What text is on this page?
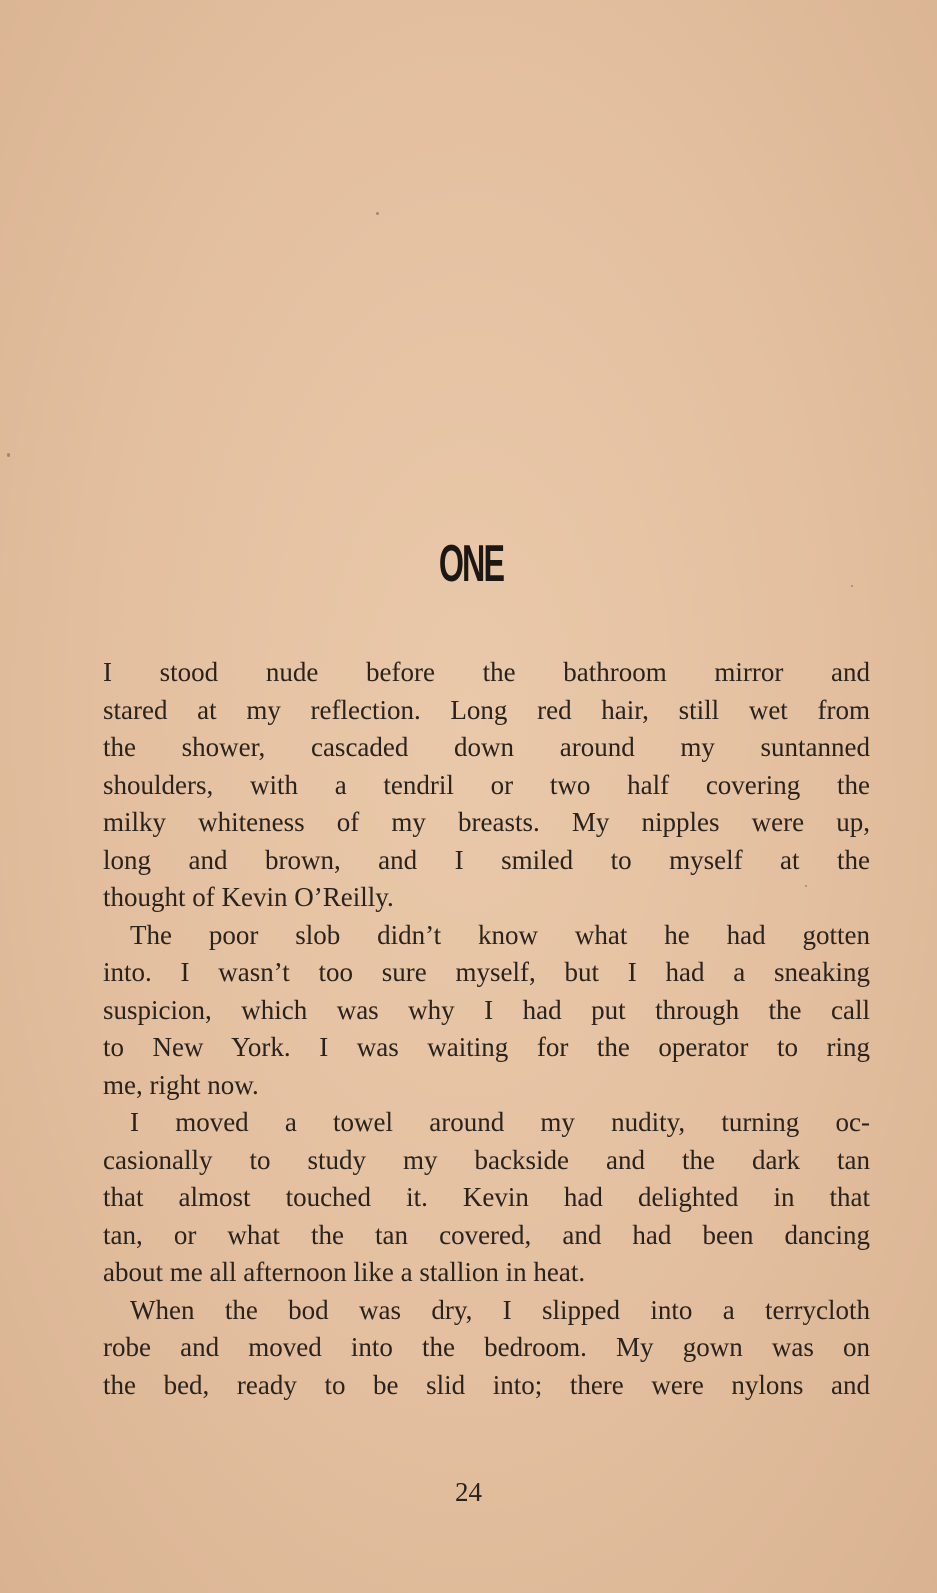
ONE
I stood nude before the bathroom mirror and
stared at my reflection. Long red hair, still wet from
the shower, cascaded down around my suntanned
shoulders, with a tendril or two half covering the
milky whiteness of my breasts. My nipples were up,
long and brown, and I smiled to myself at the
thought of Kevin O’Reilly.
The poor slob didn’t know what he had gotten
into. I wasn’t too sure myself, but I had a sneaking
suspicion, which was why I had put through the call
to New York. I was waiting for the operator to ring
me, right now.
I moved a towel around my nudity, turning oc-
casionally to study my backside and the dark tan
that almost touched it. Kevin had delighted in that
tan, or what the tan covered, and had been dancing
about me all afternoon like a stallion in heat.
When the bod was dry, I slipped into a terrycloth
robe and moved into the bedroom. My gown was on
the bed, ready to be slid into; there were nylons and
24
